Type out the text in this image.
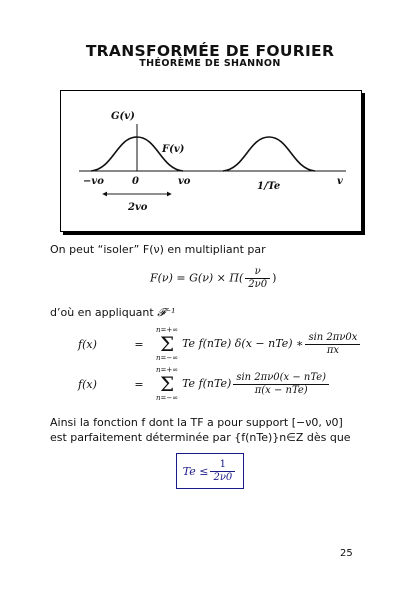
TRANSFORMÉE DE FOURIER
THÉORÈME DE SHANNON
G(v)
F(v)
−vo	0	vo	1/Te	v
2vo
On peut “isoler” F(ν) en multipliant par
$F(\nu) = G(\nu) \times \Pi( \frac{\nu}{2\nu 0}$ )
d’où en appliquant 𝓕⁻¹
f(x)	=
n=+∞
Σ
n=−∞
Te f(nTe) δ(x − nTe) ∗ $\frac{\sin 2\pi\nu 0x}{\pi x}$
f(x)	=
n=+∞
Σ
n=−∞
Te $f(nTe) \frac{\text{sin 2πν0(x − nTe)}}{\text{π(x − nTe)}}$
Ainsi la fonction f dont la TF a pour support [−ν0, ν0]
est parfaitement déterminée par {f(nTe)}n∈Z dès que
$Te \le \frac{1}{2\nu 0}$
25
